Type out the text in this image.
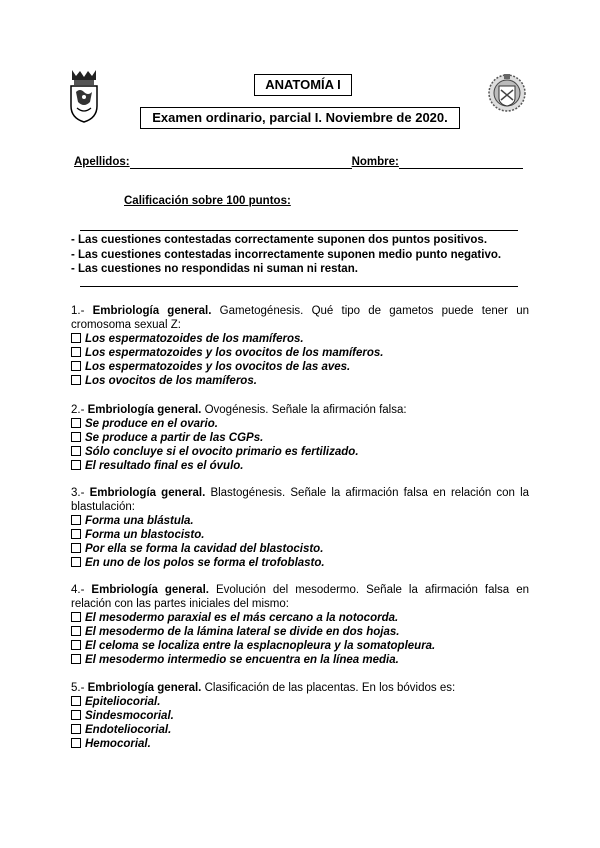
ANATOMÍA I
Examen ordinario, parcial I. Noviembre de 2020.
Apellidos:	Nombre:
Calificación sobre 100 puntos:
- Las cuestiones contestadas correctamente suponen dos puntos positivos.
- Las cuestiones contestadas incorrectamente suponen medio punto negativo.
- Las cuestiones no respondidas ni suman ni restan.
1.- Embriología general. Gametogénesis. Qué tipo de gametos puede tener un cromosoma sexual Z:
Los espermatozoides de los mamíferos.
Los espermatozoides y los ovocitos de los mamíferos.
Los espermatozoides y los ovocitos de las aves.
Los ovocitos de los mamíferos.
2.- Embriología general. Ovogénesis. Señale la afirmación falsa:
Se produce en el ovario.
Se produce a partir de las CGPs.
Sólo concluye si el ovocito primario es fertilizado.
El resultado final es el óvulo.
3.- Embriología general. Blastogénesis. Señale la afirmación falsa en relación con la blastulación:
Forma una blástula.
Forma un blastocisto.
Por ella se forma la cavidad del blastocisto.
En uno de los polos se forma el trofoblasto.
4.- Embriología general. Evolución del mesodermo. Señale la afirmación falsa en relación con las partes iniciales del mismo:
El mesodermo paraxial es el más cercano a la notocorda.
El mesodermo de la lámina lateral se divide en dos hojas.
El celoma se localiza entre la esplacnopleura y la somatopleura.
El mesodermo intermedio se encuentra en la línea media.
5.- Embriología general. Clasificación de las placentas. En los bóvidos es:
Epiteliocorial.
Sindesmocorial.
Endoteliocorial.
Hemocorial.
